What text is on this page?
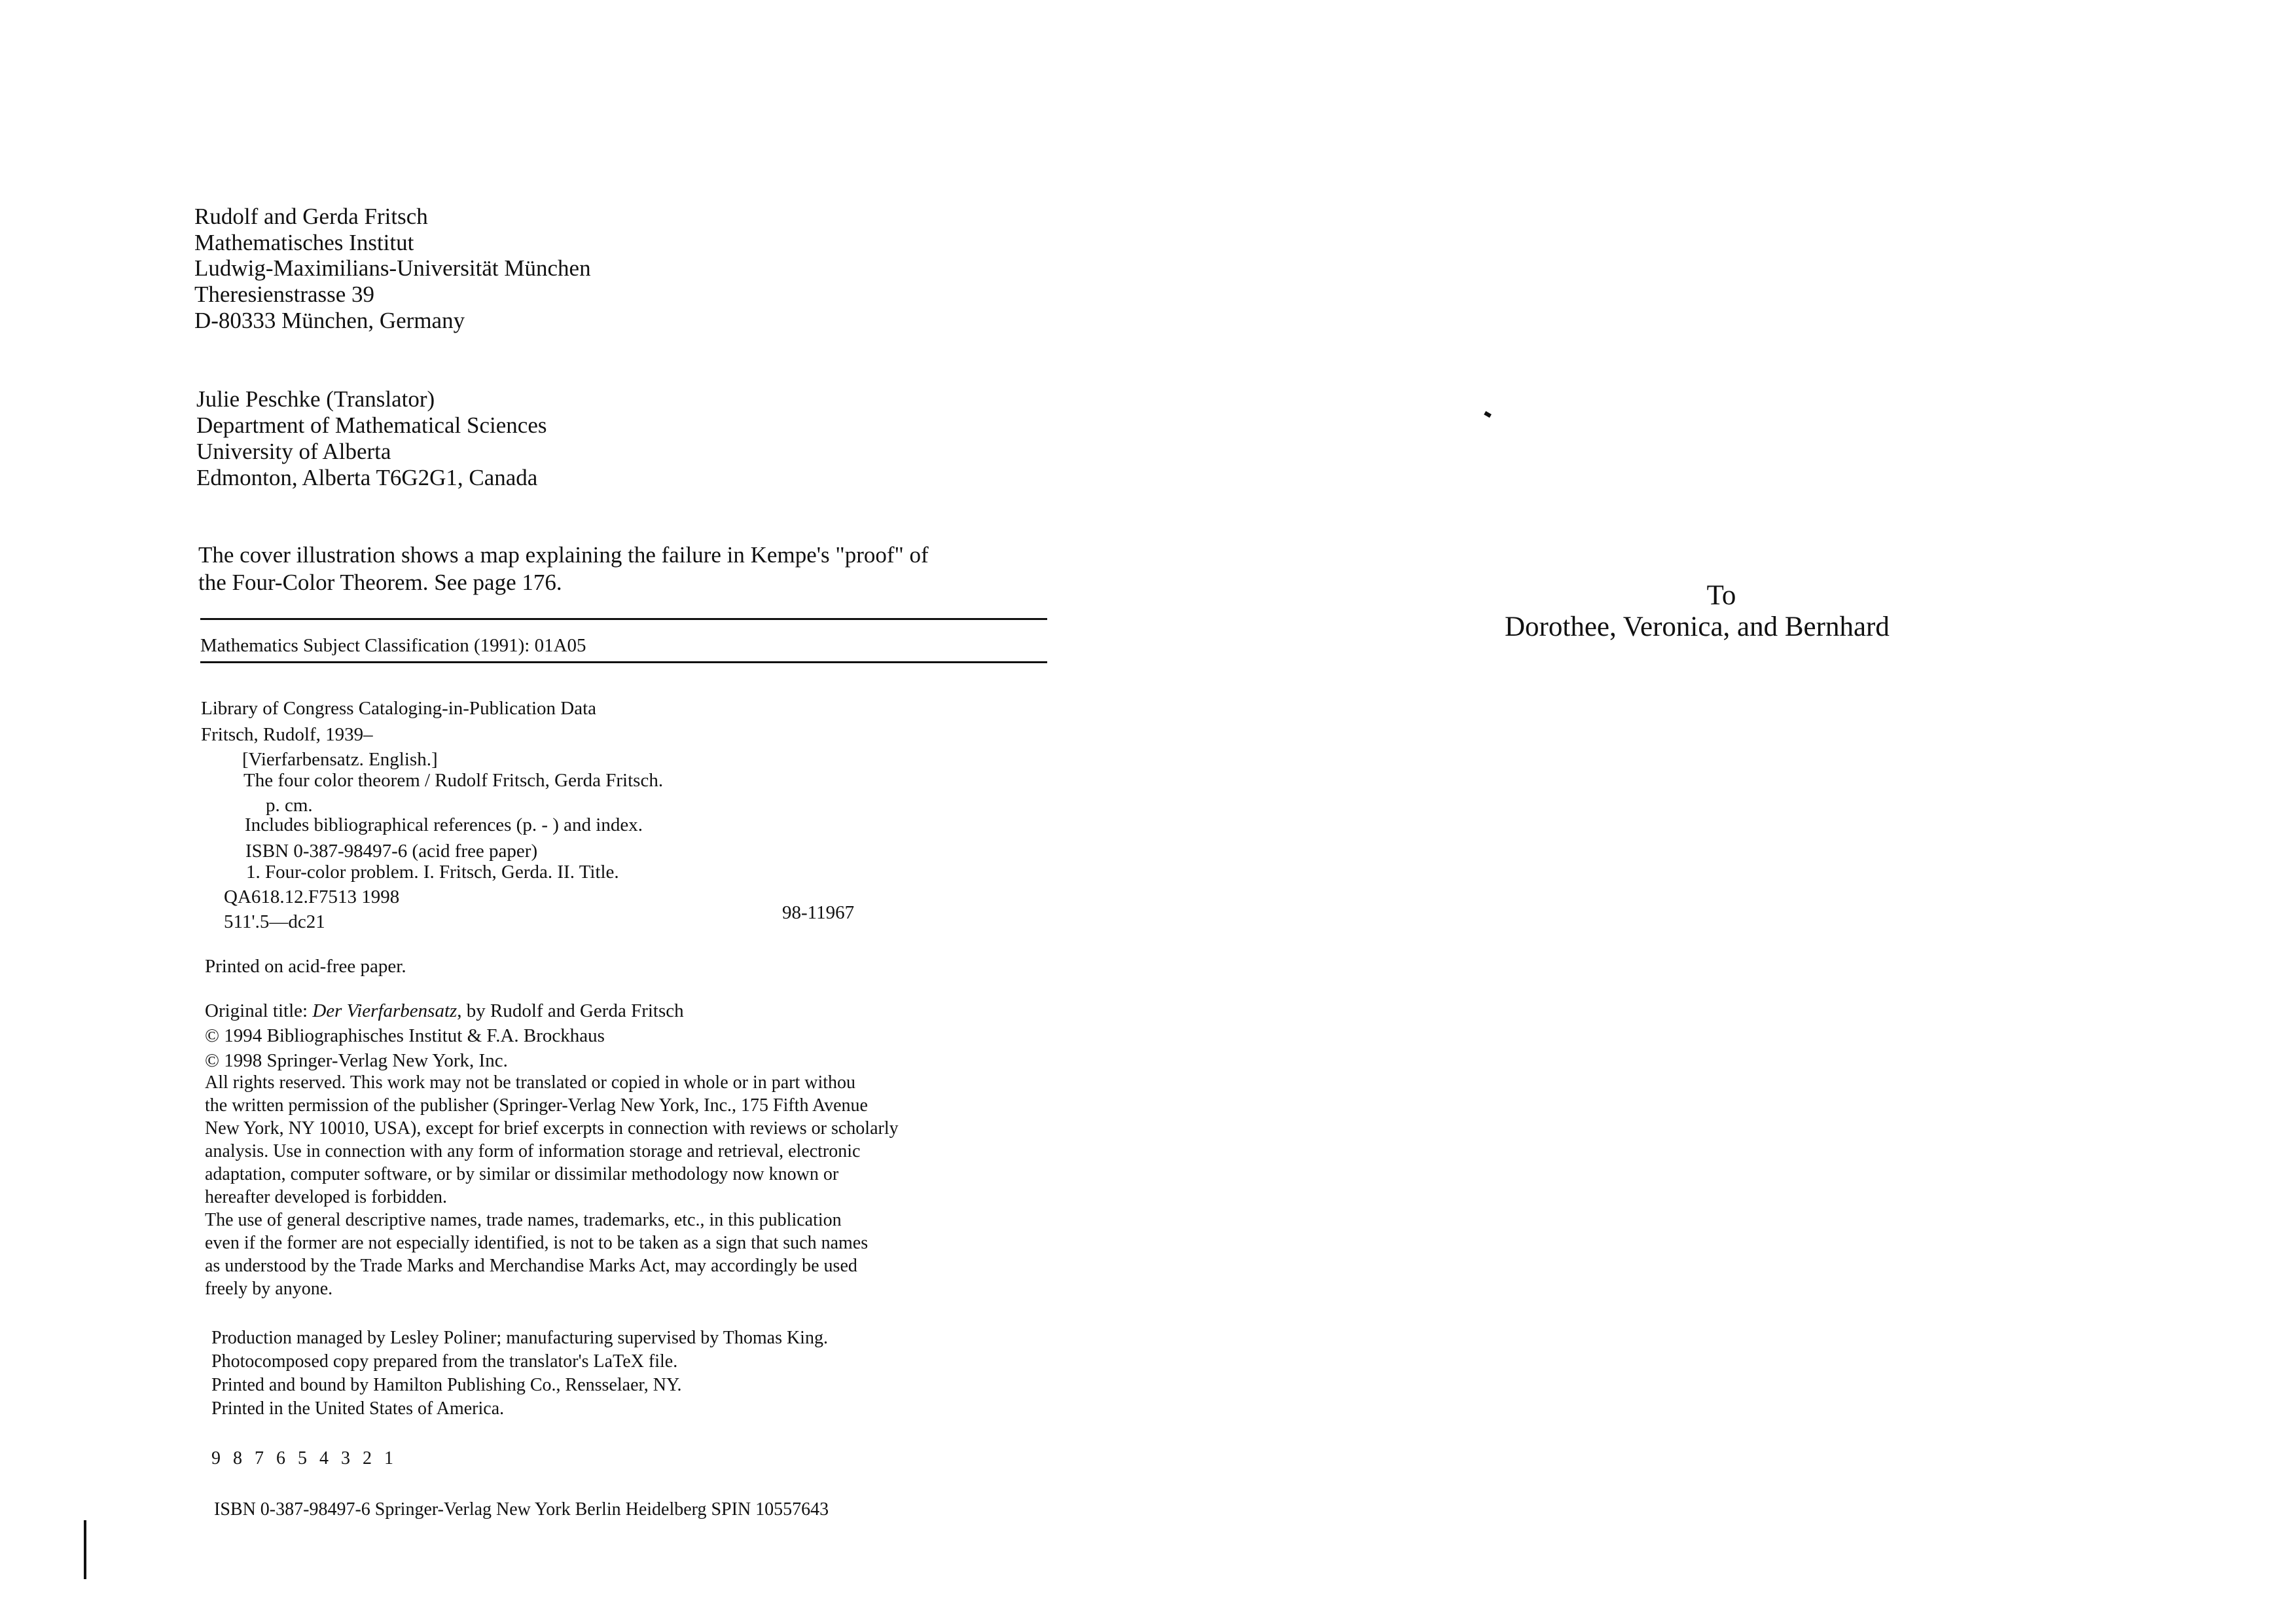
Rudolf and Gerda Fritsch
Mathematisches Institut
Ludwig-Maximilians-Universität München
Theresienstrasse 39
D-80333 München, Germany
Julie Peschke (Translator)
Department of Mathematical Sciences
University of Alberta
Edmonton, Alberta T6G2G1, Canada
The cover illustration shows a map explaining the failure in Kempe's "proof" of
the Four-Color Theorem. See page 176.
Mathematics Subject Classification (1991): 01A05
Library of Congress Cataloging-in-Publication Data
Fritsch, Rudolf, 1939–
[Vierfarbensatz. English.]
The four color theorem / Rudolf Fritsch, Gerda Fritsch.
p. cm.
Includes bibliographical references (p. - ) and index.
ISBN 0-387-98497-6 (acid free paper)
1. Four-color problem. I. Fritsch, Gerda. II. Title.
QA618.12.F7513 1998
511'.5—dc21	98-11967
Printed on acid-free paper.
Original title: Der Vierfarbensatz, by Rudolf and Gerda Fritsch
© 1994 Bibliographisches Institut & F.A. Brockhaus
© 1998 Springer-Verlag New York, Inc.
All rights reserved. This work may not be translated or copied in whole or in part withou
the written permission of the publisher (Springer-Verlag New York, Inc., 175 Fifth Avenue
New York, NY 10010, USA), except for brief excerpts in connection with reviews or scholarly
analysis. Use in connection with any form of information storage and retrieval, electronic
adaptation, computer software, or by similar or dissimilar methodology now known or
hereafter developed is forbidden.
The use of general descriptive names, trade names, trademarks, etc., in this publication
even if the former are not especially identified, is not to be taken as a sign that such names
as understood by the Trade Marks and Merchandise Marks Act, may accordingly be used
freely by anyone.
Production managed by Lesley Poliner; manufacturing supervised by Thomas King.
Photocomposed copy prepared from the translator's LaTeX file.
Printed and bound by Hamilton Publishing Co., Rensselaer, NY.
Printed in the United States of America.
9 8 7 6 5 4 3 2 1
ISBN 0-387-98497-6 Springer-Verlag New York Berlin Heidelberg SPIN 10557643
To
Dorothee, Veronica, and Bernhard
